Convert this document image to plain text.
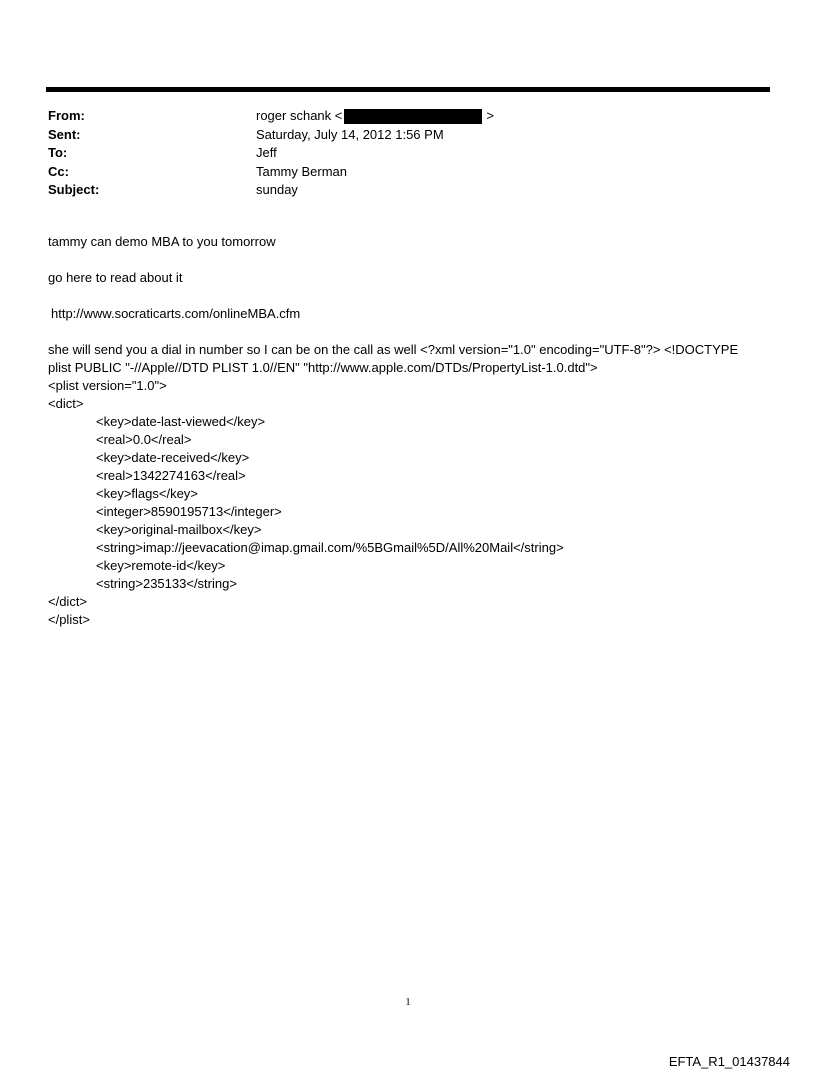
From:	roger schank <	>
Sent:	Saturday, July 14, 2012 1:56 PM
To:	Jeff
Cc:	Tammy Berman
Subject:	sunday

tammy can demo MBA to you tomorrow

go here to read about it

http://www.socraticarts.com/onlineMBA.cfm

she will send you a dial in number so I can be on the call as well <?xml version="1.0" encoding="UTF-8"?> <!DOCTYPE

plist PUBLIC "-//Apple//DTD PLIST 1.0//EN" "http://www.apple.com/DTDs/PropertyList-1.0.dtd">

<plist version="1.0">

<dict>

<key>date-last-viewed</key>

<real>0.0</real>

<key>date-received</key>

<real>1342274163</real>

<key>flags</key>

<integer>8590195713</integer>

<key>original-mailbox</key>

<string>imap://jeevacation@imap.gmail.com/%5BGmail%5D/All%20Mail</string>

<key>remote-id</key>

<string>235133</string>

</dict>

</plist>

1
EFTA_R1_01437844
